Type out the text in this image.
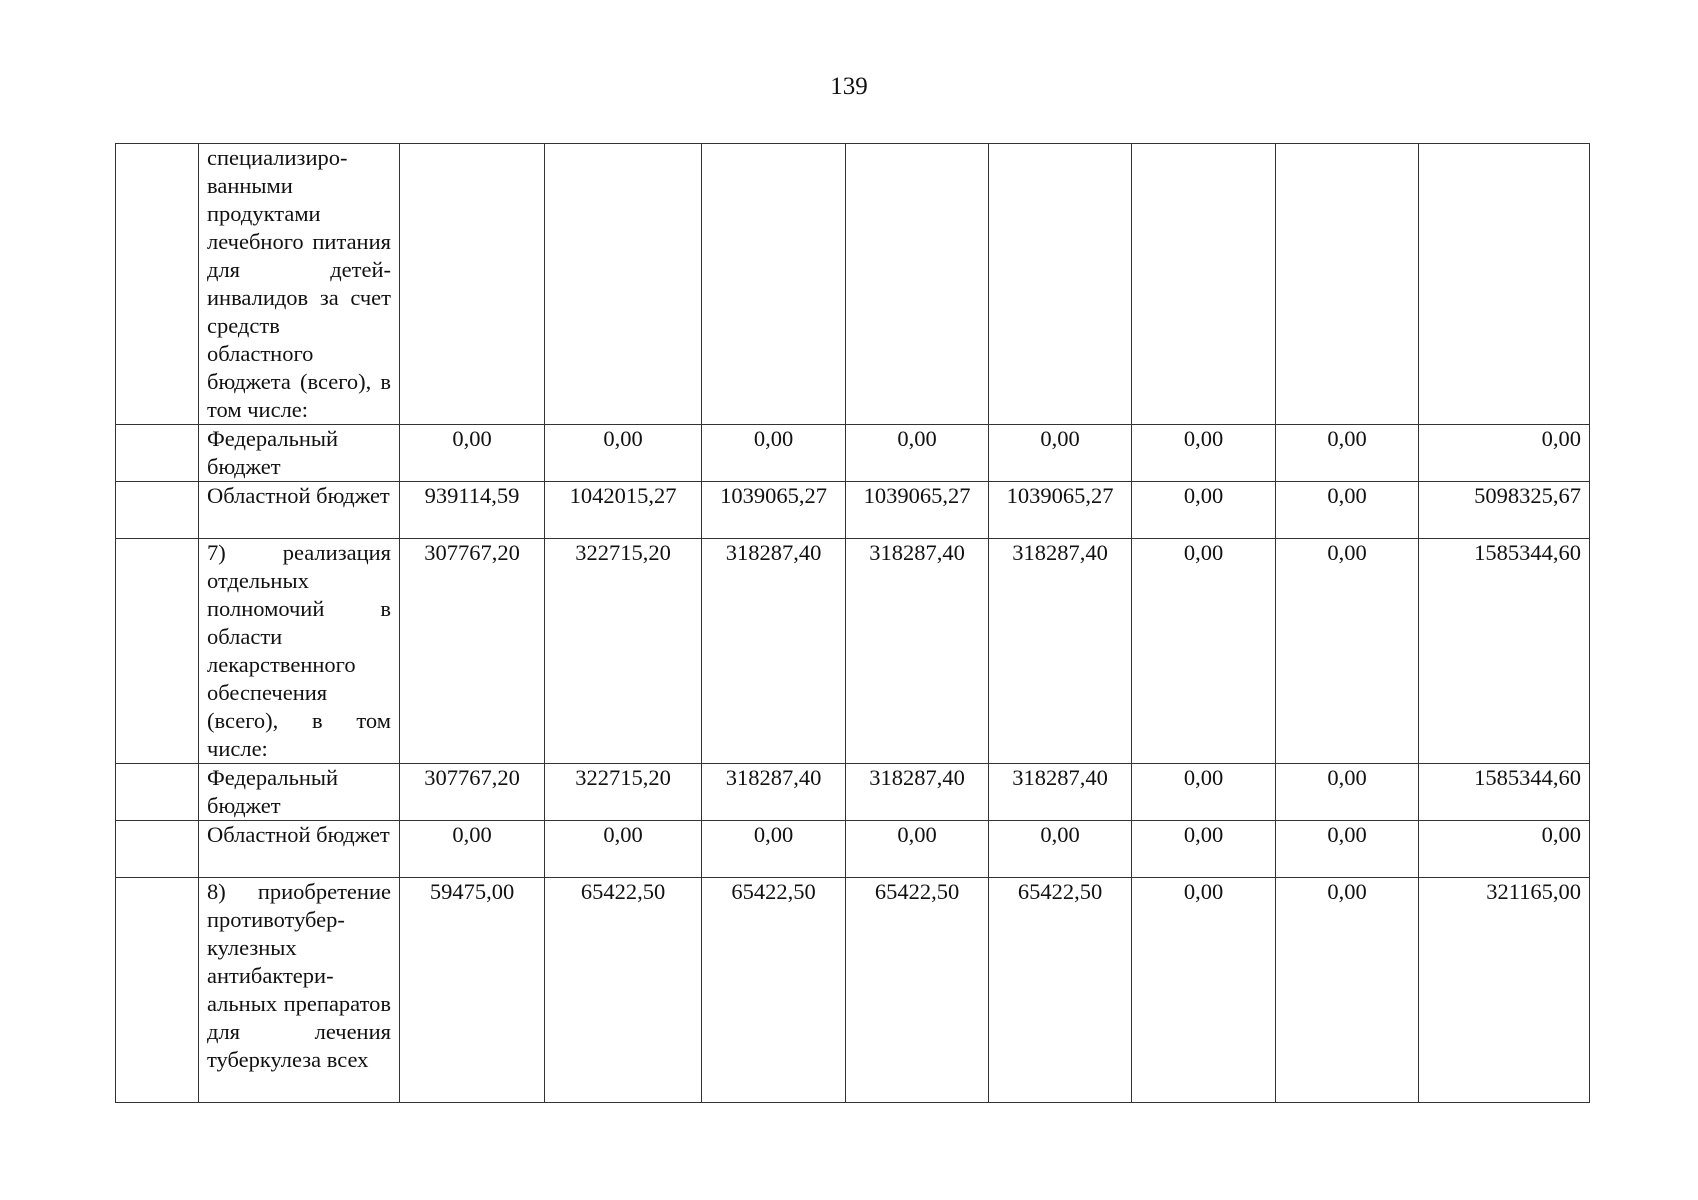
139
	специализиро-ванными продуктами лечебного питания для детей-инвалидов за счет средств областного бюджета (всего), в том числе:								
	Федеральный бюджет	0,00	0,00	0,00	0,00	0,00	0,00	0,00	0,00
	Областной бюджет	939114,59	1042015,27	1039065,27	1039065,27	1039065,27	0,00	0,00	5098325,67
	7) реализация отдельных полномочий в области лекарственного обеспечения (всего), в том числе:	307767,20	322715,20	318287,40	318287,40	318287,40	0,00	0,00	1585344,60
	Федеральный бюджет	307767,20	322715,20	318287,40	318287,40	318287,40	0,00	0,00	1585344,60
	Областной бюджет	0,00	0,00	0,00	0,00	0,00	0,00	0,00	0,00
	8) приобретение противотубер-кулезных антибактери-альных препаратов для лечения туберкулеза всех	59475,00	65422,50	65422,50	65422,50	65422,50	0,00	0,00	321165,00
